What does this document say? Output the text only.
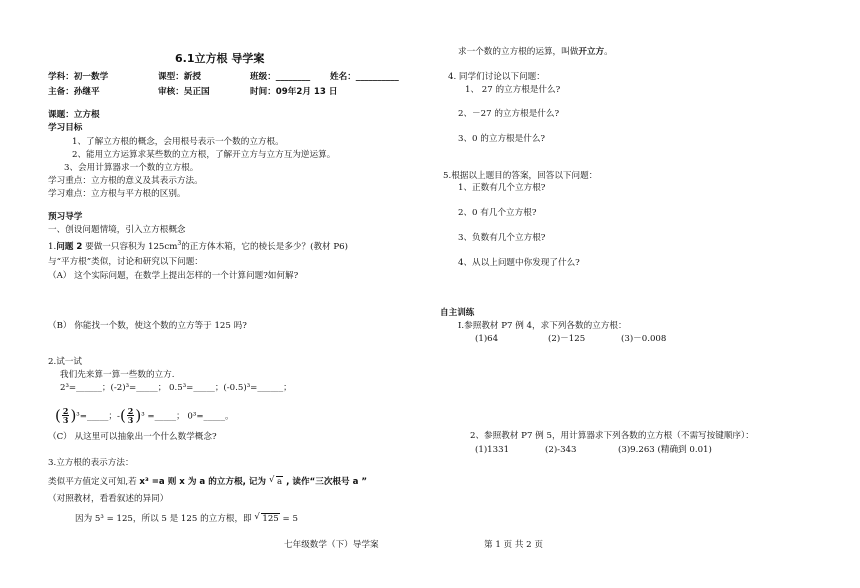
6.1立方根 导学案
学科：初一数学	课型：新授	班级：________ 姓名：__________
主备：孙继平	审核：吴正国	时间：09年2月 13 日
课题：立方根
学习目标
1、了解立方根的概念，会用根号表示一个数的立方根。
2、能用立方运算求某些数的立方根，了解开立方与立方互为逆运算。
3、会用计算器求一个数的立方根。
学习重点：立方根的意义及其表示方法。
学习难点：立方根与平方根的区别。
预习导学
一、创设问题情境，引入立方根概念
1.问题 2 要做一只容积为 $125cm^3$的正方体木箱，它的棱长是多少？(教材 P6)
与“平方根”类似，讨论和研究以下问题：
（A） 这个实际问题，在数学上提出怎样的一个计算问题?如何解?
（B） 你能找一个数，使这个数的立方等于 125 吗?
2.试一试
我们先来算一算一些数的立方.
2³=______；(-2)³=_____； 0.5³=_____；(-0.5)³=______；
( $\frac{2}{3}$ )³=_____；-( $\frac{2}{3} )^3$ =_____； 0³=_____。
（C） 从这里可以抽象出一个什么数学概念?
3.立方根的表示方法：
类似平方值定义可知,若 x³ =a 则 x 为 a 的立方根, 记为 √ a , 读作“三次根号 a ”
（对照教材，看看叙述的异同）
因为 5³ = 125，所以 5 是 125 的立方根，即 √ 125 = 5
求一个数的立方根的运算，叫做开立方。
4. 同学们讨论以下问题：
1、 27 的立方根是什么?
2、－27 的立方根是什么?
3、0 的立方根是什么?
5.根据以上题目的答案，回答以下问题：
1、正数有几个立方根?
2、0 有几个立方根?
3、负数有几个立方根?
4、从以上问题中你发现了什么?
自主训练
Ⅰ.参照教材 P7 例 4，求下列各数的立方根：
(1)64	(2)－125	(3)－0.008
2、参照教材 P7 例 5，用计算器求下列各数的立方根（不需写按键顺序）：
(1)1331	(2)-343	(3)9.263 (精确到 0.01)
七年级数学（下）导学案	第 1 页 共 2 页
